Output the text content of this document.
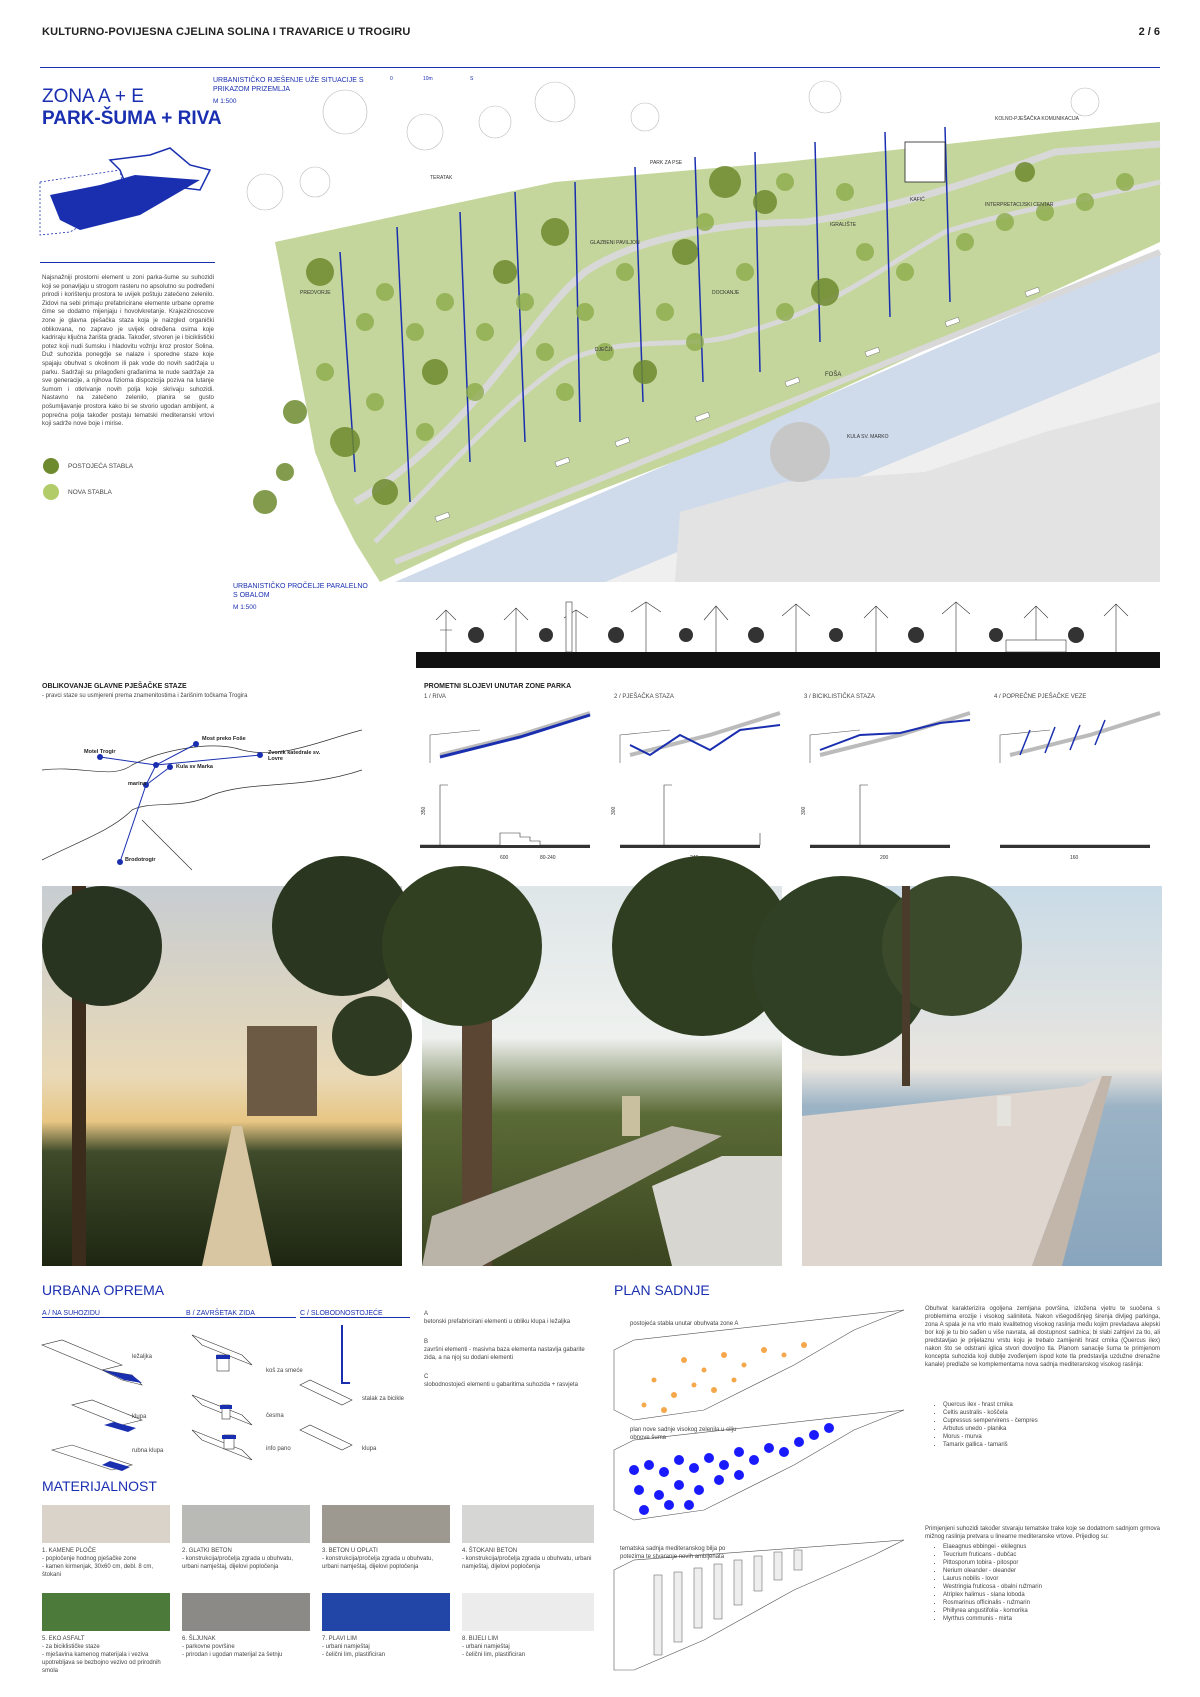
KULTURNO-POVIJESNA CJELINA SOLINA I TRAVARICE U TROGIRU	2 / 6
ZONA A + E
PARK-ŠUMA + RIVA
Najsnažniji prostorni element u zoni parka-šume su suhozidi koji se ponavljaju u strogom rasteru no apsolutno su podređeni prirodi i korištenju prostora te uvijek poštuju zatečeno zelenilo. Zidovi na sebi primaju prefabricirane elemente urbane opreme čime se dodatno mijenjaju i hovolvkretanje. Krajezičnoscove zone je glavna pješačka staza koja je naizgled organički oblikovana, no zapravo je uvijek određena osima koje kadriraju ključna žarišta grada. Također, stvoren je i biciklistički potez koji nudi šumsku i hladovitu vožnju kroz prostor Solina. Duž suhozida ponegdje se nalaze i sporedne staze koje spajaju obuhvat s okolinom ili pak vode do novih sadržaja u parku. Sadržaji su prilagođeni građanima te nude sadržaje za sve generacije, a njihova fiziorna dispozicija poziva na lutanje šumom i otkrivanje novih polja koje skrivaju suhozidi. Nastavno na zatečeno zelenilo, planira se gusto pošumljavanje prostora kako bi se stvorio ugodan ambijent, a poprečna polja također postaju tematski mediteranski vrtovi koji sadrže nove boje i mirise.
POSTOJEĆA STABLA
NOVA STABLA
URBANISTIČKO RJEŠENJE UŽE SITUACIJE S PRIKAZOM PRIZEMLJA
M 1:500
0	10m	S
PREDVORJE
TERATAK
PARK ZA PSE
GLAZBENI PAVILJON
IGRALIŠTE
INTERPRETACIJSKI CENTAR
DOCKANJE
DJEČJI
KAFIĆ
FOŠA
KULA SV. MARKO
KOLNO-PJEŠAČKA KOMUNIKACIJA
URBANISTIČKO PROČELJE PARALELNO S OBALOM
M 1:500
OBLIKOVANJE GLAVNE PJEŠAČKE STAZE
- pravci staze su usmjereni prema znamenitostima i žarišnim točkama Trogira
Motel Trogir
Most preko Foše
Zvonik katedrale sv. Lovre
Kula sv Marka
marina
Brodotrogir
PROMETNI SLOJEVI UNUTAR ZONE PARKA
1 / RIVA	2 / PJEŠAČKA STAZA	3 / BICIKLISTIČKA STAZA	4 / POPREČNE PJEŠAČKE VEZE
350
600	80-240
300	300
200	160
URBANA OPREMA
A / NA SUHOZIDU	B / ZAVRŠETAK ZIDA	C / SLOBODNOSTOJEĆE
ležaljka
klupa
rubna klupa
koš za smeće
česma
info pano
stalak za bicikle
klupa
A
betonski prefabricirani elementi u obliku klupa i ležaljka
B
završni elementi - masivna baza elementa nastavlja gabarite zida, a na njoj su dodani elementi
C
slobodnostojeći elementi u gabaritima suhozida + rasvjeta
MATERIJALNOST
1. KAMENE PLOČE
- popločenje hodnog pješačke zone
- kamen kirmenjak, 30x60 cm, debl. 8 cm, štokani
2. GLATKI BETON
- konstrukcija/pročelja zgrada u obuhvatu, urbani namještaj, dijelovi popločenja
3. BETON U OPLATI
- konstrukcija/pročelja zgrada u obuhvatu, urbani namještaj, dijelovi popločenja
4. ŠTOKANI BETON
- konstrukcija/pročelja zgrada u obuhvatu, urbani namještaj, dijelovi popločenja
5. EKO ASFALT
- za biciklističke staze
- mješavina kamenog materijala i veziva upotrebljava se bezbojno vezivo od prirodnih smola
6. ŠLJUNAK
- parkovne površine
- prirodan i ugodan materijal za šetnju
7. PLAVI LIM
- urbani namještaj
- čelični lim, plastificiran
8. BIJELI LIM
- urbani namještaj
- čelični lim, plastificiran
PLAN SADNJE
postojeća stabla unutar obuhvata zone A
plan nove sadnje visokog zelenila u cilju obnove šuma
tematska sadnja mediteranskog bilja po potezima te stvaranje novih ambijenata
Obuhvat karakterizira ogoljena zemljana površina, izložena vjetru te suočena s problemima erozije i visokog saliniteta. Nakon višegodišnjeg širenja divljeg parkinga, zona A spala je na vrlo malo kvalitetnog visokog raslinja među kojim prevladava alepski bor koji je tu bio sađen u više navrata, ali dostupnost sadnica; bi slabi zahtjevi za tlo, ali predstavljao je prijelaznu vrstu koju je trebalo zamijeniti hrast crnika (Quercus ilex) nakon što se odstrani iglica stvori dovoljno tla. Planom sanacije šuma te primjenom koncepta suhozida koji dublje zvođenjem ispod kote tla predstavlja uzdužne drenažne kanale) predlaže se komplementarna nova sadnja mediteranskog visokog raslinja:
• Quercus ilex - hrast crnika
• Celtis australis - koščela
• Cupressus sempervirens - čempres
• Arbutus unedo - planika
• Morus - murva
• Tamarix gallica - tamariš
Primjenjeni suhozidi također stvaraju tematske trake koje se dodatnom sadnjom grmova mižnog raslinja pretvara u linearne mediteranske vrtove. Prijedlog su:
• Elaeagnus ebbingei - ekilegnus
• Teucrium fruticans - dubčac
• Pittosporum tobira - pitospor
• Nerium oleander - oleander
• Laurus nobilis - lovor
• Westringia fruticosa - obalni ružmarin
• Atriplex halimus - slana loboda
• Rosmarinus officinalis - ružmarin
• Phillyrea angustifolia - komorika
• Myrthus communis - mirta
